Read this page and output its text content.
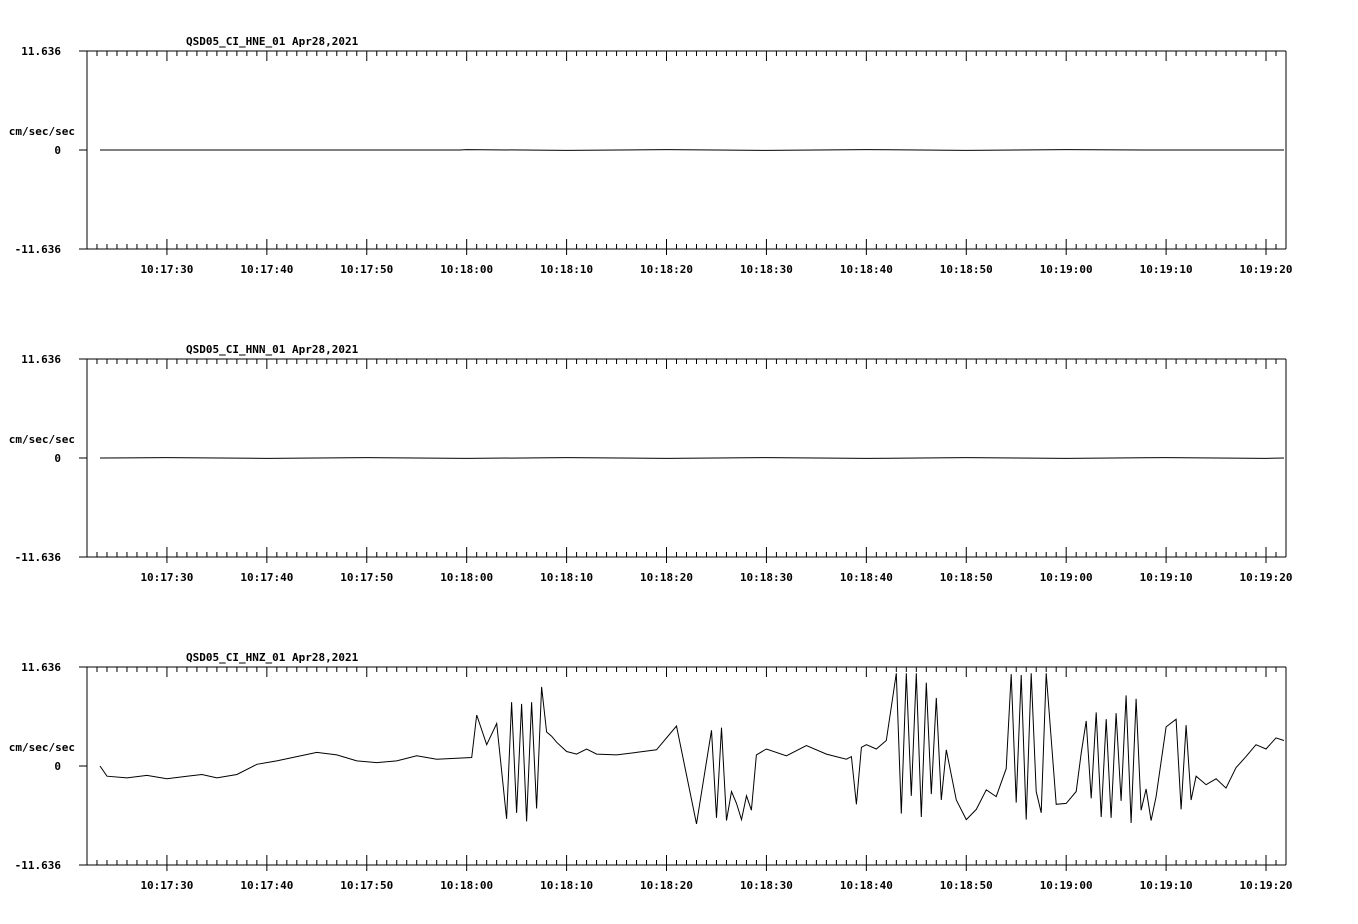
QSD05_CI_HNE_01 Apr28,2021
cm/sec/sec
11.636
0
-11.636
10:17:30	10:17:40	10:17:50	10:18:00	10:18:10	10:18:20	10:18:30	10:18:40	10:18:50	10:19:00	10:19:10	10:19:20
QSD05_CI_HNN_01 Apr28,2021
cm/sec/sec
11.636
0
-11.636
10:17:30	10:17:40	10:17:50	10:18:00	10:18:10	10:18:20	10:18:30	10:18:40	10:18:50	10:19:00	10:19:10	10:19:20
QSD05_CI_HNZ_01 Apr28,2021
cm/sec/sec
11.636
0
-11.636
10:17:30	10:17:40	10:17:50	10:18:00	10:18:10	10:18:20	10:18:30	10:18:40	10:18:50	10:19:00	10:19:10	10:19:20
